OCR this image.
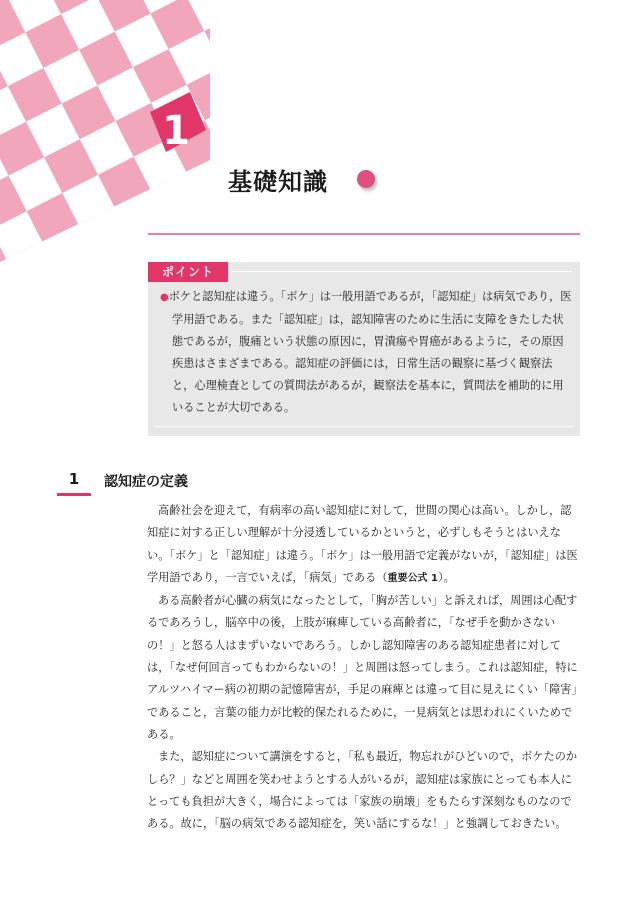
1
基礎知識
ポイント

●ボケと認知症は違う。「ボケ」は一般用語であるが，「認知症」は病気であり，医学用語である。また「認知症」は，認知障害のために生活に支障をきたした状態であるが，腹痛という状態の原因に，胃潰瘍や胃癌があるように，その原因疾患はさまざまである。認知症の評価には，日常生活の観察に基づく観察法と，心理検査としての質問法があるが，観察法を基本に，質問法を補助的に用いることが大切である。

1	認知症の定義

高齢社会を迎えて，有病率の高い認知症に対して，世間の関心は高い。しかし，認知症に対する正しい理解が十分浸透しているかというと，必ずしもそうとはいえない。「ボケ」と「認知症」は違う。「ボケ」は一般用語で定義がないが，「認知症」は医学用語であり，一言でいえば，「病気」である（重要公式 1）。

ある高齢者が心臓の病気になったとして，「胸が苦しい」と訴えれば，周囲は心配するであろうし，脳卒中の後，上肢が麻痺している高齢者に，「なぜ手を動かさないの！」と怒る人はまずいないであろう。しかし認知障害のある認知症患者に対しては，「なぜ何回言ってもわからないの！」と周囲は怒ってしまう。これは認知症，特にアルツハイマー病の初期の記憶障害が，手足の麻痺とは違って目に見えにくい「障害」であること，言葉の能力が比較的保たれるために，一見病気とは思われにくいためである。

また，認知症について講演をすると，「私も最近，物忘れがひどいので，ボケたのかしら？」などと周囲を笑わせようとする人がいるが，認知症は家族にとっても本人にとっても負担が大きく，場合によっては「家族の崩壊」をもたらす深刻なものなのである。故に，「脳の病気である認知症を，笑い話にするな！」と強調しておきたい。
